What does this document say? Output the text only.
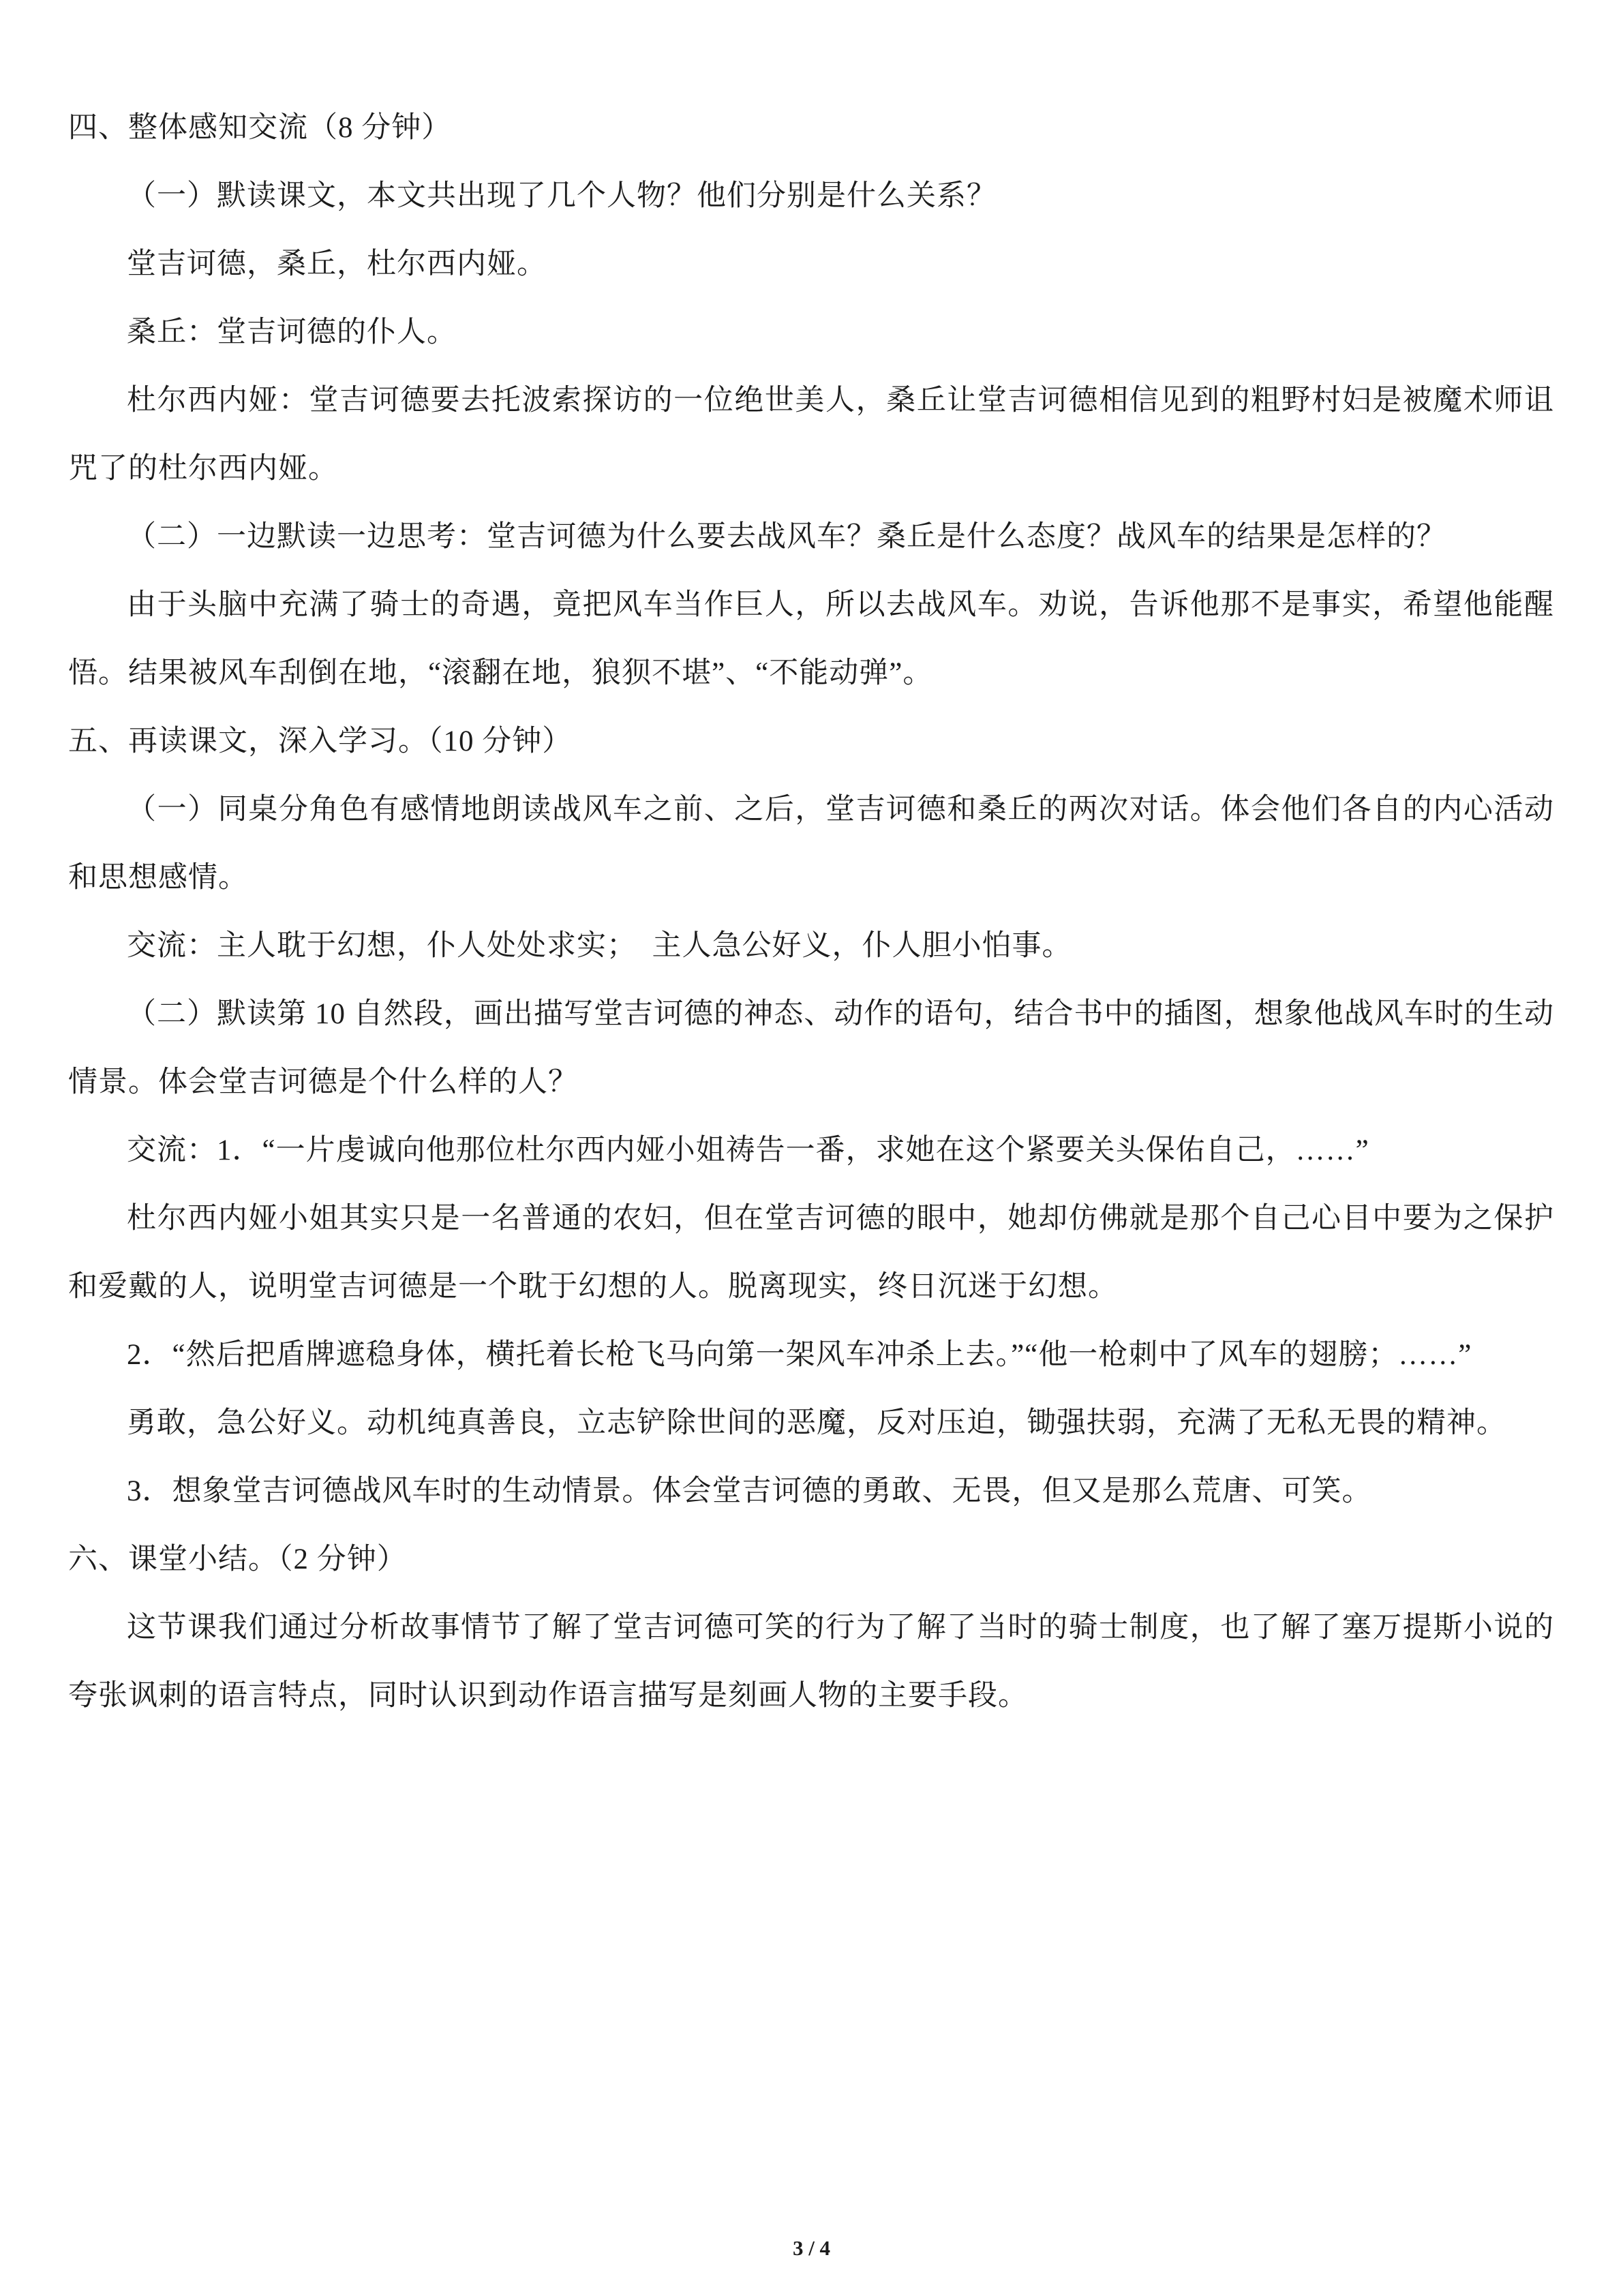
四、整体感知交流（8 分钟）

（一）默读课文，本文共出现了几个人物？他们分别是什么关系？

堂吉诃德，桑丘，杜尔西内娅。

桑丘：堂吉诃德的仆人。

杜尔西内娅：堂吉诃德要去托波索探访的一位绝世美人，桑丘让堂吉诃德相信见到的粗野村妇是被魔术师诅咒了的杜尔西内娅。

（二）一边默读一边思考：堂吉诃德为什么要去战风车？桑丘是什么态度？战风车的结果是怎样的？

由于头脑中充满了骑士的奇遇，竟把风车当作巨人，所以去战风车。劝说，告诉他那不是事实，希望他能醒悟。结果被风车刮倒在地，“滚翻在地，狼狈不堪”、“不能动弹”。

五、再读课文，深入学习。（10 分钟）

（一）同桌分角色有感情地朗读战风车之前、之后，堂吉诃德和桑丘的两次对话。体会他们各自的内心活动和思想感情。

交流：主人耽于幻想，仆人处处求实；　主人急公好义，仆人胆小怕事。

（二）默读第 10 自然段，画出描写堂吉诃德的神态、动作的语句，结合书中的插图，想象他战风车时的生动情景。体会堂吉诃德是个什么样的人？

交流：1．“一片虔诚向他那位杜尔西内娅小姐祷告一番，求她在这个紧要关头保佑自己，……”

杜尔西内娅小姐其实只是一名普通的农妇，但在堂吉诃德的眼中，她却仿佛就是那个自己心目中要为之保护和爱戴的人，说明堂吉诃德是一个耽于幻想的人。脱离现实，终日沉迷于幻想。

2．“然后把盾牌遮稳身体，横托着长枪飞马向第一架风车冲杀上去。”“他一枪刺中了风车的翅膀；……”

勇敢，急公好义。动机纯真善良，立志铲除世间的恶魔，反对压迫，锄强扶弱，充满了无私无畏的精神。

3．想象堂吉诃德战风车时的生动情景。体会堂吉诃德的勇敢、无畏，但又是那么荒唐、可笑。

六、课堂小结。（2 分钟）

这节课我们通过分析故事情节了解了堂吉诃德可笑的行为了解了当时的骑士制度，也了解了塞万提斯小说的夸张讽刺的语言特点，同时认识到动作语言描写是刻画人物的主要手段。

3 / 4
